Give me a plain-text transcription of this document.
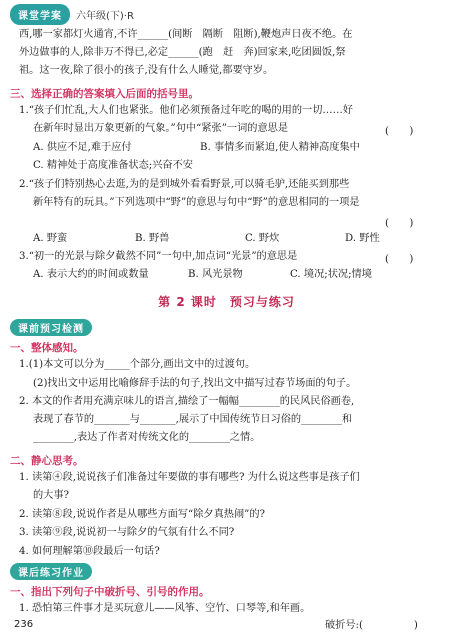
课堂学案	六年级(下)·R
西,哪一家都灯火通宵,不许______(间断　隔断　阻断),鞭炮声日夜不绝。在
外边做事的人,除非万不得已,必定______(跑　赶　奔)回家来,吃团圆饭,祭
祖。这一夜,除了很小的孩子,没有什么人睡觉,都要守岁。
三、选择正确的答案填入后面的括号里。
1.“孩子们忙乱,大人们也紧张。他们必须预备过年吃的喝的用的一切……好
在新年时显出万象更新的气象。”句中“紧张”一词的意思是	(　　)
A. 供应不足,难于应付	B. 事情多而紧迫,使人精神高度集中
C. 精神处于高度准备状态;兴奋不安
2.“孩子们特别热心去逛,为的是到城外看看野景,可以骑毛驴,还能买到那些
新年特有的玩具。”下列选项中“野”的意思与句中“野”的意思相同的一项是
(　　)
A. 野蛮	B. 野兽	C. 野炊	D. 野性
3.“初一的光景与除夕截然不同”一句中,加点词“光景”的意思是	(　　)
A. 表示大约的时间或数量	B. 风光景物	C. 境况;状况;情境
第 2 课时　预习与练习
课前预习检测
一、整体感知。
1.(1)本文可以分为_____个部分,画出文中的过渡句。
(2)找出文中运用比喻修辞手法的句子,找出文中描写过春节场面的句子。
2. 本文的作者用充满京味儿的语言,描绘了一幅幅________的民风民俗画卷,
表现了春节的_______与_______,展示了中国传统节日习俗的________和
________,表达了作者对传统文化的________之情。
二、静心思考。
1. 读第④段,说说孩子们准备过年要做的事有哪些? 为什么说这些事是孩子们
的大事?
2. 读第⑧段,说说作者是从哪些方面写“除夕真热闹”的?
3. 读第⑨段,说说初一与除夕的气氛有什么不同?
4. 如何理解第⑩段最后一句话?
课后练习作业
一、指出下列句子中破折号、引号的作用。
1. 恐怕第三件事才是买玩意儿——风筝、空竹、口琴等,和年画。
破折号:(　　　　　)
236
